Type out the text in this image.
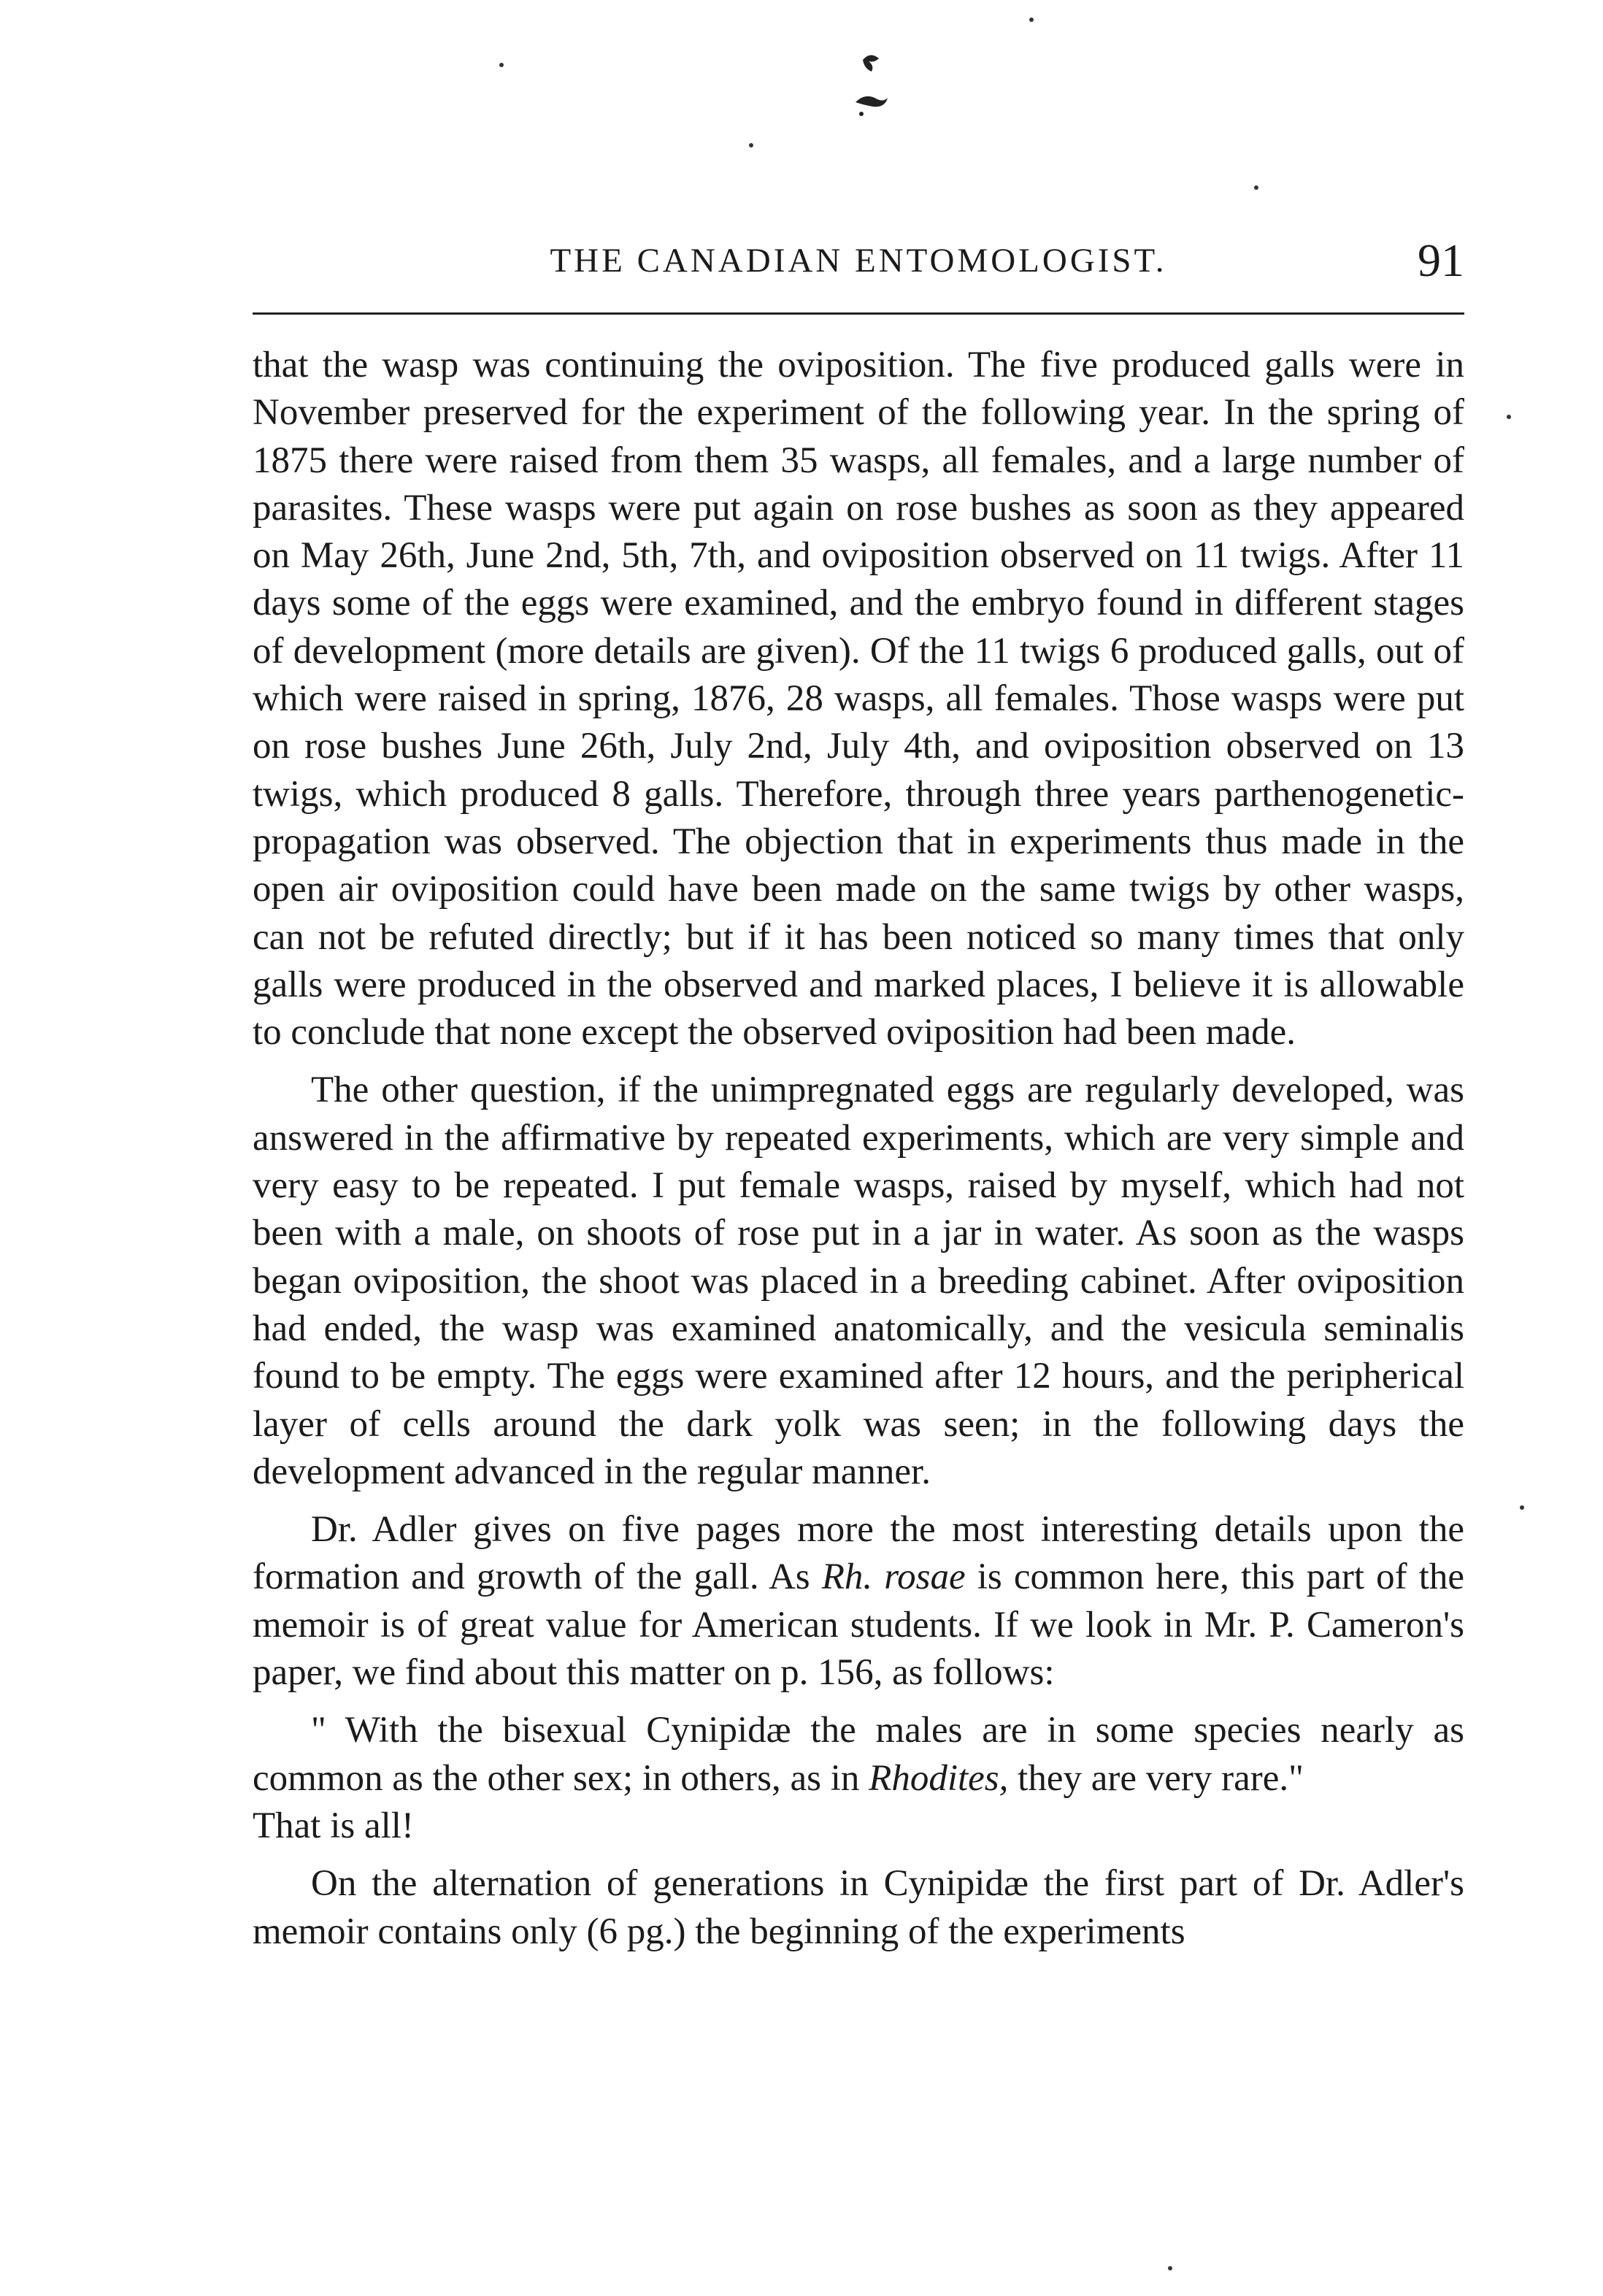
THE CANADIAN ENTOMOLOGIST.	91

that the wasp was continuing the oviposition. The five produced galls were in November preserved for the experiment of the following year. In the spring of 1875 there were raised from them 35 wasps, all females, and a large number of parasites. These wasps were put again on rose bushes as soon as they appeared on May 26th, June 2nd, 5th, 7th, and oviposition observed on 11 twigs. After 11 days some of the eggs were examined, and the embryo found in different stages of development (more details are given). Of the 11 twigs 6 produced galls, out of which were raised in spring, 1876, 28 wasps, all females. Those wasps were put on rose bushes June 26th, July 2nd, July 4th, and oviposition observed on 13 twigs, which produced 8 galls. Therefore, through three years parthenogenetic-propagation was observed. The objection that in experiments thus made in the open air oviposition could have been made on the same twigs by other wasps, can not be refuted directly; but if it has been noticed so many times that only galls were produced in the observed and marked places, I believe it is allowable to conclude that none except the observed oviposition had been made.

The other question, if the unimpregnated eggs are regularly developed, was answered in the affirmative by repeated experiments, which are very simple and very easy to be repeated. I put female wasps, raised by myself, which had not been with a male, on shoots of rose put in a jar in water. As soon as the wasps began oviposition, the shoot was placed in a breeding cabinet. After oviposition had ended, the wasp was examined anatomically, and the vesicula seminalis found to be empty. The eggs were examined after 12 hours, and the peripherical layer of cells around the dark yolk was seen; in the following days the development advanced in the regular manner.

Dr. Adler gives on five pages more the most interesting details upon the formation and growth of the gall. As Rh. rosae is common here, this part of the memoir is of great value for American students. If we look in Mr. P. Cameron's paper, we find about this matter on p. 156, as follows:

" With the bisexual Cynipidæ the males are in some species nearly as common as the other sex; in others, as in Rhodites, they are very rare."

That is all!

On the alternation of generations in Cynipidæ the first part of Dr. Adler's memoir contains only (6 pg.) the beginning of the experiments
